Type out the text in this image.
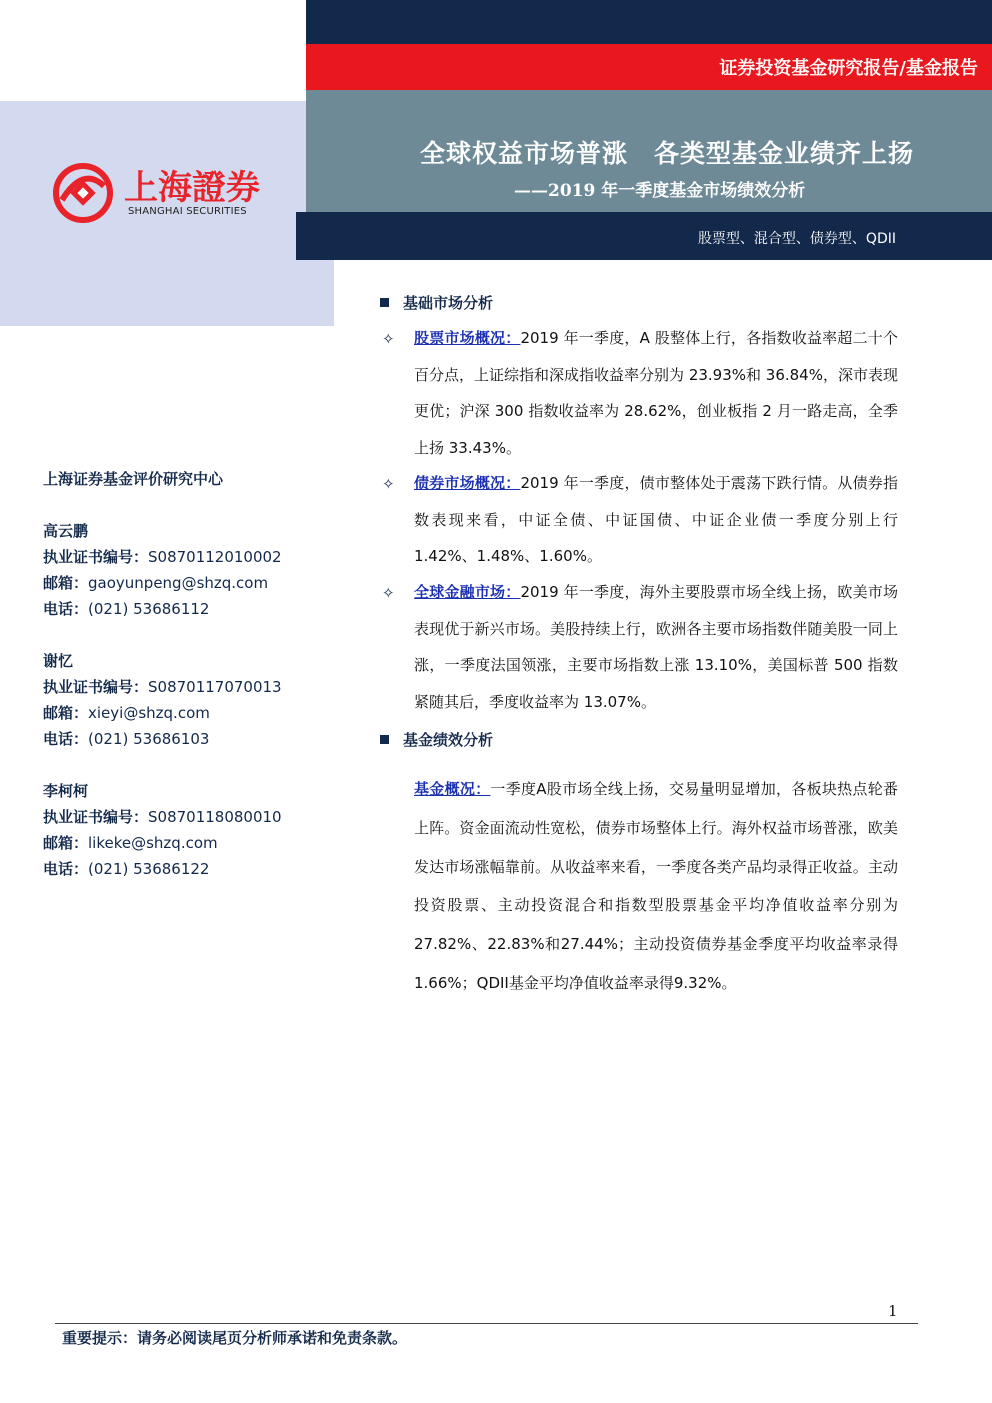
证券投资基金研究报告/基金报告
全球权益市场普涨　各类型基金业绩齐上扬
——2019 年一季度基金市场绩效分析
股票型、混合型、债券型、QDII
上海證券
SHANGHAI SECURITIES
上海证券基金评价研究中心
高云鹏
执业证书编号：S0870112010002
邮箱：gaoyunpeng@shzq.com
电话：(021) 53686112
谢忆
执业证书编号：S0870117070013
邮箱：xieyi@shzq.com
电话：(021) 53686103
李柯柯
执业证书编号：S0870118080010
邮箱：likeke@shzq.com
电话：(021) 53686122
基础市场分析
✧ 股票市场概况：2019 年一季度，A 股整体上行，各指数收益率超二十个百分点，上证综指和深成指收益率分别为 23.93%和 36.84%，深市表现更优；沪深 300 指数收益率为 28.62%，创业板指 2 月一路走高，全季上扬 33.43%。
✧ 债券市场概况：2019 年一季度，债市整体处于震荡下跌行情。从债券指数表现来看，中证全债、中证国债、中证企业债一季度分别上行 1.42%、1.48%、1.60%。
✧ 全球金融市场：2019 年一季度，海外主要股票市场全线上扬，欧美市场表现优于新兴市场。美股持续上行，欧洲各主要市场指数伴随美股一同上涨，一季度法国领涨，主要市场指数上涨 13.10%，美国标普 500 指数紧随其后，季度收益率为 13.07%。
基金绩效分析
基金概况：一季度A股市场全线上扬，交易量明显增加，各板块热点轮番上阵。资金面流动性宽松，债券市场整体上行。海外权益市场普涨，欧美发达市场涨幅靠前。从收益率来看，一季度各类产品均录得正收益。主动投资股票、主动投资混合和指数型股票基金平均净值收益率分别为27.82%、22.83%和27.44%；主动投资债券基金季度平均收益率录得1.66%；QDII基金平均净值收益率录得9.32%。
1
重要提示：请务必阅读尾页分析师承诺和免责条款。
